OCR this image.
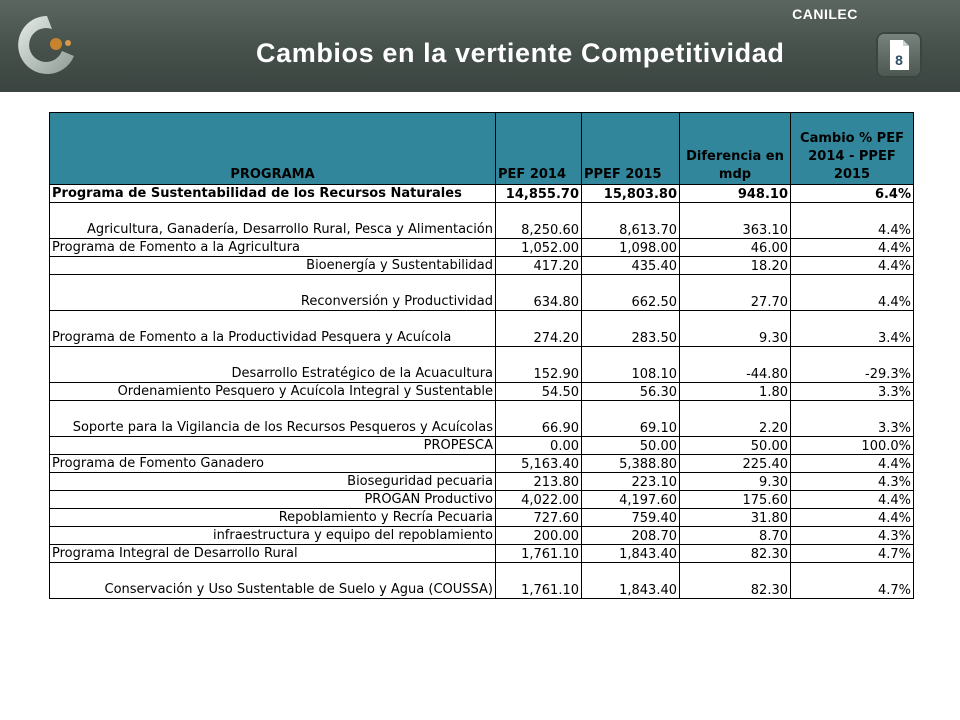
CANILEC
Cambios en la vertiente Competitividad	8
PROGRAMA	PEF 2014	PPEF 2015	Diferencia en mdp	Cambio % PEF 2014 - PPEF 2015
Programa de Sustentabilidad de los Recursos Naturales	14,855.70	15,803.80	948.10	6.4%
Agricultura, Ganadería, Desarrollo Rural, Pesca y Alimentación	8,250.60	8,613.70	363.10	4.4%
Programa de Fomento a la Agricultura	1,052.00	1,098.00	46.00	4.4%
Bioenergía y Sustentabilidad	417.20	435.40	18.20	4.4%
Reconversión y Productividad	634.80	662.50	27.70	4.4%
Programa de Fomento a la Productividad Pesquera y Acuícola	274.20	283.50	9.30	3.4%
Desarrollo Estratégico de la Acuacultura	152.90	108.10	-44.80	-29.3%
Ordenamiento Pesquero y Acuícola Integral y Sustentable	54.50	56.30	1.80	3.3%
Soporte para la Vigilancia de los Recursos Pesqueros y Acuícolas	66.90	69.10	2.20	3.3%
PROPESCA	0.00	50.00	50.00	100.0%
Programa de Fomento Ganadero	5,163.40	5,388.80	225.40	4.4%
Bioseguridad pecuaria	213.80	223.10	9.30	4.3%
PROGAN Productivo	4,022.00	4,197.60	175.60	4.4%
Repoblamiento y Recría Pecuaria	727.60	759.40	31.80	4.4%
infraestructura y equipo del repoblamiento	200.00	208.70	8.70	4.3%
Programa Integral de Desarrollo Rural	1,761.10	1,843.40	82.30	4.7%
Conservación y Uso Sustentable de Suelo y Agua (COUSSA)	1,761.10	1,843.40	82.30	4.7%
